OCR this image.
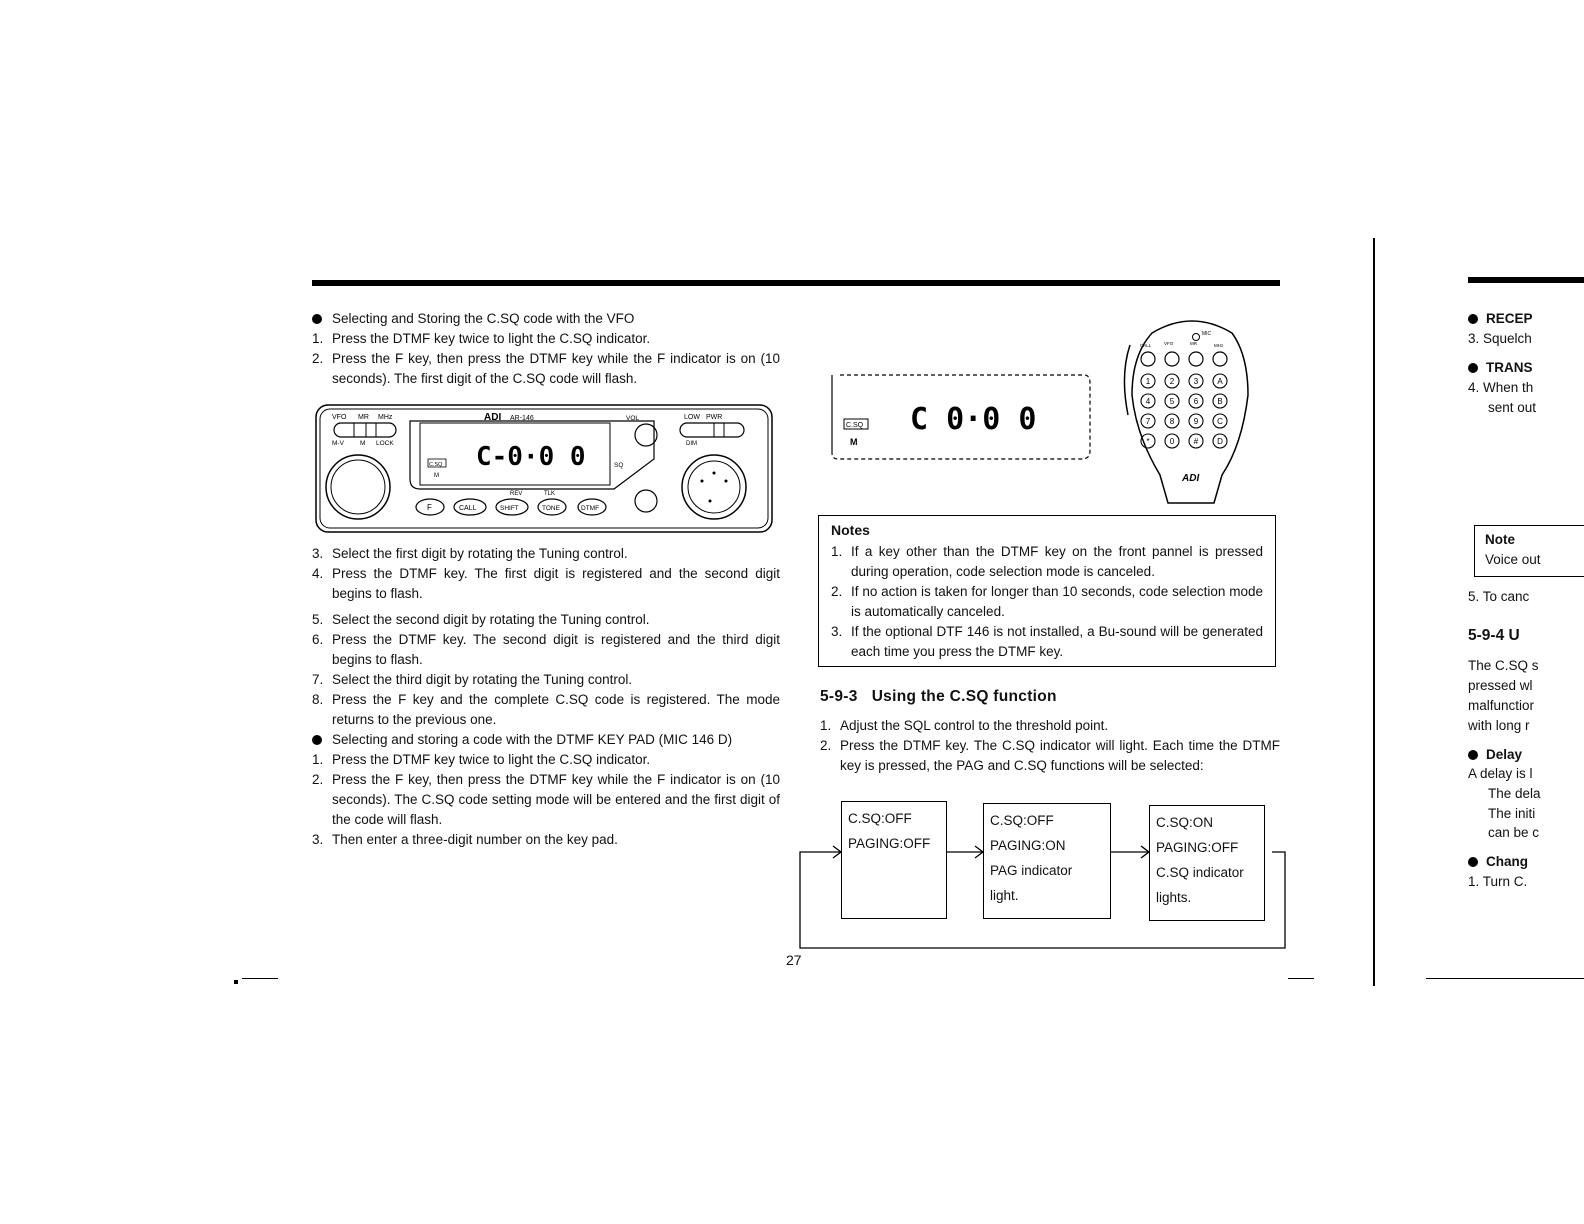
Selecting and Storing the C.SQ code with the VFO
1. Press the DTMF key twice to light the C.SQ indicator.
2. Press the F key, then press the DTMF key while the F indicator is on (10 seconds). The first digit of the C.SQ code will flash.
VFO MR MHz
M-V M LOCK
ADI AR-146	VOL
SQ
C.SQ
M
C-0·0 0
LOW PWR
DIM
REV	TLK
F	CALL	SHIFT	TONE	DTMF
3. Select the first digit by rotating the Tuning control.
4. Press the DTMF key. The first digit is registered and the second digit begins to flash.
5. Select the second digit by rotating the Tuning control.
6. Press the DTMF key. The second digit is registered and the third digit begins to flash.
7. Select the third digit by rotating the Tuning control.
8. Press the F key and the complete C.SQ code is registered. The mode returns to the previous one.
Selecting and storing a code with the DTMF KEY PAD (MIC 146 D)
1. Press the DTMF key twice to light the C.SQ indicator.
2. Press the F key, then press the DTMF key while the F indicator is on (10 seconds). The C.SQ code setting mode will be entered and the first digit of the code will flash.
3. Then enter a three-digit number on the key pad.
C.SQ
M
C 0·0 0
MIC
CALL	VFO	MR	MHz
1 2 3 A
4 5 6 B
7 8 9 C
*	0 # D
ADI
Notes
1. If a key other than the DTMF key on the front pannel is pressed during operation, code selection mode is canceled.
2. If no action is taken for longer than 10 seconds, code selection mode is automatically canceled.
3. If the optional DTF 146 is not installed, a Bu-sound will be generated each time you press the DTMF key.
5-9-3 Using the C.SQ function
1. Adjust the SQL control to the threshold point.
2. Press the DTMF key. The C.SQ indicator will light. Each time the DTMF key is pressed, the PAG and C.SQ functions will be selected:
C.SQ:OFF
PAGING:OFF
C.SQ:OFF
PAGING:ON
PAG indicator
light.
C.SQ:ON
PAGING:OFF
C.SQ indicator
lights.
27
RECEP
3. Squelch
TRANS
4. When th
sent out
Note
Voice out
5. To canc
5-9-4 U
The C.SQ s
pressed wl
malfunctior
with long r
Delay
A delay is l
The dela
The initi
can be c
Chang
1. Turn C.
